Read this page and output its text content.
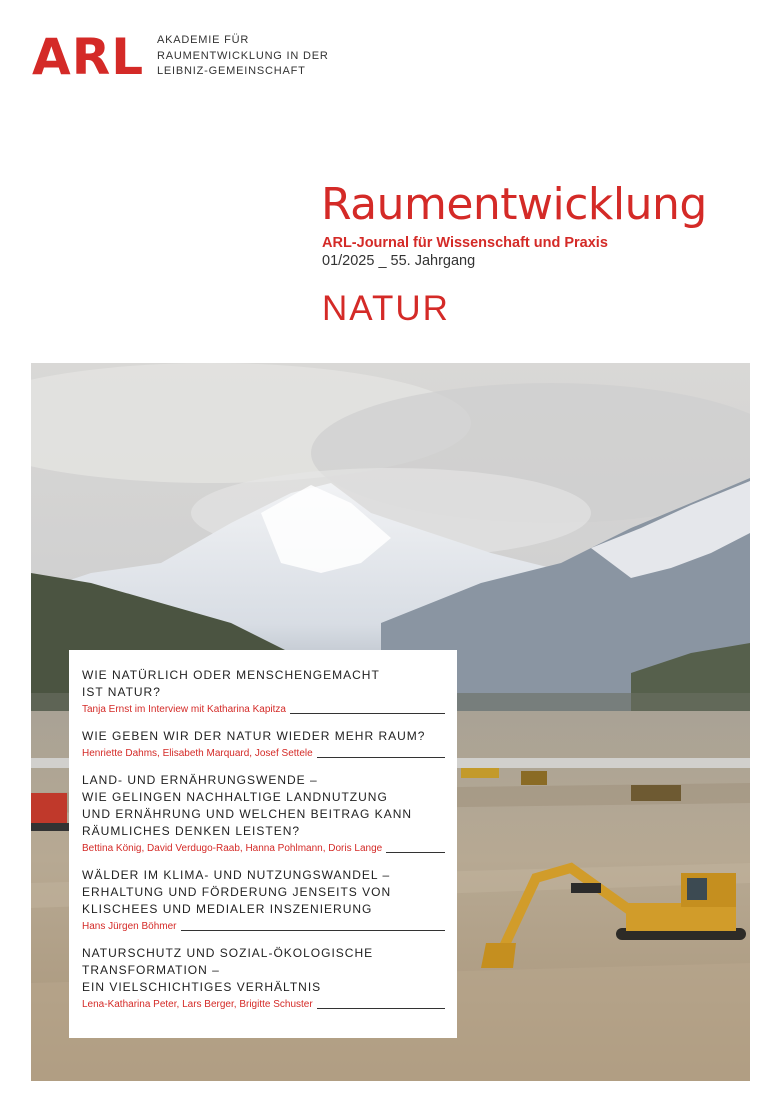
ARL AKADEMIE FÜR
RAUMENTWICKLUNG IN DER
LEIBNIZ-GEMEINSCHAFT
Raumentwicklung
ARL-Journal für Wissenschaft und Praxis
01/2025 _ 55. Jahrgang
NATUR
WIE NATÜRLICH ODER MENSCHENGEMACHT
IST NATUR?
Tanja Ernst im Interview mit Katharina Kapitza
WIE GEBEN WIR DER NATUR WIEDER MEHR RAUM?
Henriette Dahms, Elisabeth Marquard, Josef Settele
LAND- UND ERNÄHRUNGSWENDE –
WIE GELINGEN NACHHALTIGE LANDNUTZUNG
UND ERNÄHRUNG UND WELCHEN BEITRAG KANN
RÄUMLICHES DENKEN LEISTEN?
Bettina König, David Verdugo-Raab, Hanna Pohlmann, Doris Lange
WÄLDER IM KLIMA- UND NUTZUNGSWANDEL –
ERHALTUNG UND FÖRDERUNG JENSEITS VON
KLISCHEES UND MEDIALER INSZENIERUNG
Hans Jürgen Böhmer
NATURSCHUTZ UND SOZIAL-ÖKOLOGISCHE
TRANSFORMATION –
EIN VIELSCHICHTIGES VERHÄLTNIS
Lena-Katharina Peter, Lars Berger, Brigitte Schuster
